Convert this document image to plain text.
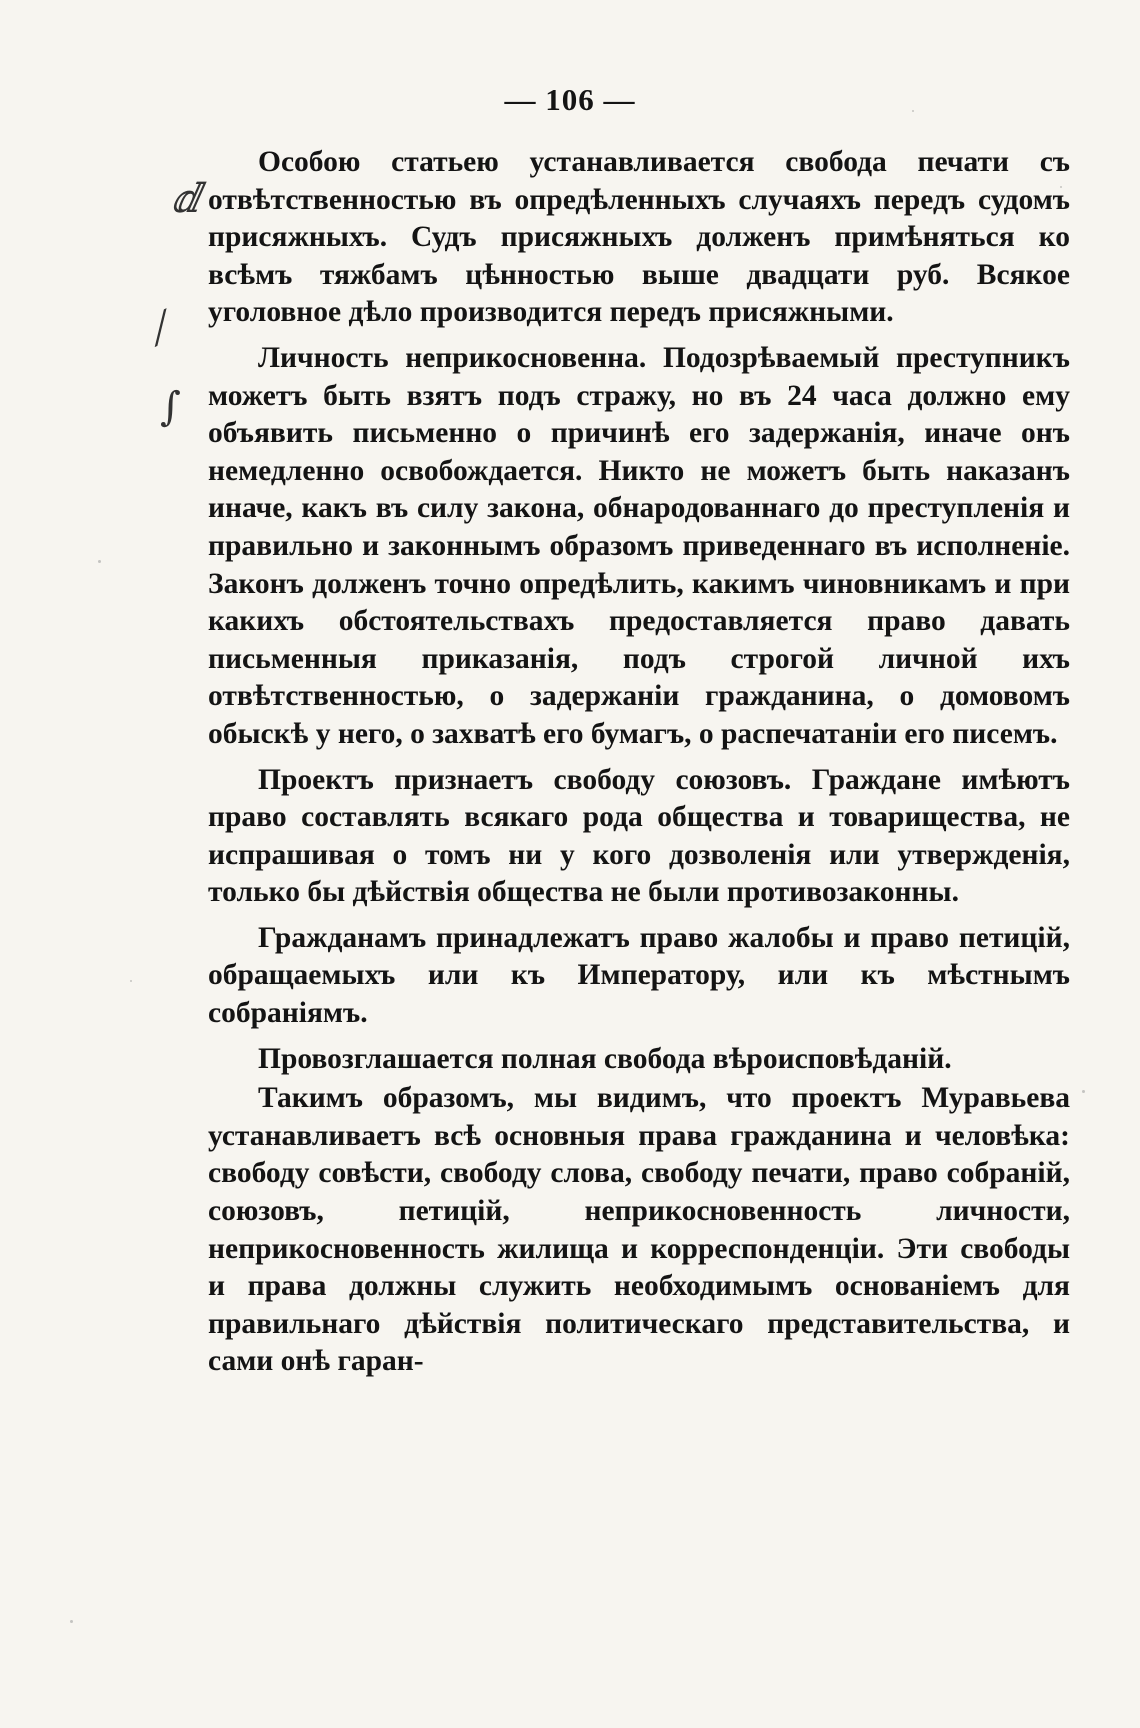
— 106 —
ⅆ
⁄
∫

Особою статьею устанавливается свобода печати съ отвѣтственностью въ опредѣленныхъ случаяхъ передъ судомъ присяжныхъ. Судъ присяжныхъ долженъ примѣняться ко всѣмъ тяжбамъ цѣнностью выше двадцати руб. Всякое уголовное дѣло производится передъ присяжными.

Личность неприкосновенна. Подозрѣваемый преступникъ можетъ быть взятъ подъ стражу, но въ 24 часа должно ему объявить письменно о причинѣ его задержанія, иначе онъ немедленно освобождается. Никто не можетъ быть наказанъ иначе, какъ въ силу закона, обнародованнаго до преступленія и правильно и законнымъ образомъ приведеннаго въ исполненіе. Законъ долженъ точно опредѣлить, какимъ чиновникамъ и при какихъ обстоятельствахъ предоставляется право давать письменныя приказанія, подъ строгой личной ихъ отвѣтственностью, о задержаніи гражданина, о домовомъ обыскѣ у него, о захватѣ его бумагъ, о распечатаніи его писемъ.

Проектъ признаетъ свободу союзовъ. Граждане имѣютъ право составлять всякаго рода общества и товарищества, не испрашивая о томъ ни у кого дозволенія или утвержденія, только бы дѣйствія общества не были противозаконны.

Гражданамъ принадлежатъ право жалобы и право петицій, обращаемыхъ или къ Императору, или къ мѣстнымъ собраніямъ.

Провозглашается полная свобода вѣроисповѣданій.

Такимъ образомъ, мы видимъ, что проектъ Муравьева устанавливаетъ всѣ основныя права гражданина и человѣка: свободу совѣсти, свободу слова, свободу печати, право собраній, союзовъ, петицій, неприкосновенность личности, неприкосновенность жилища и корреспонденціи. Эти свободы и права должны служить необходимымъ основаніемъ для правильнаго дѣйствія политическаго представительства, и сами онѣ гаран-
